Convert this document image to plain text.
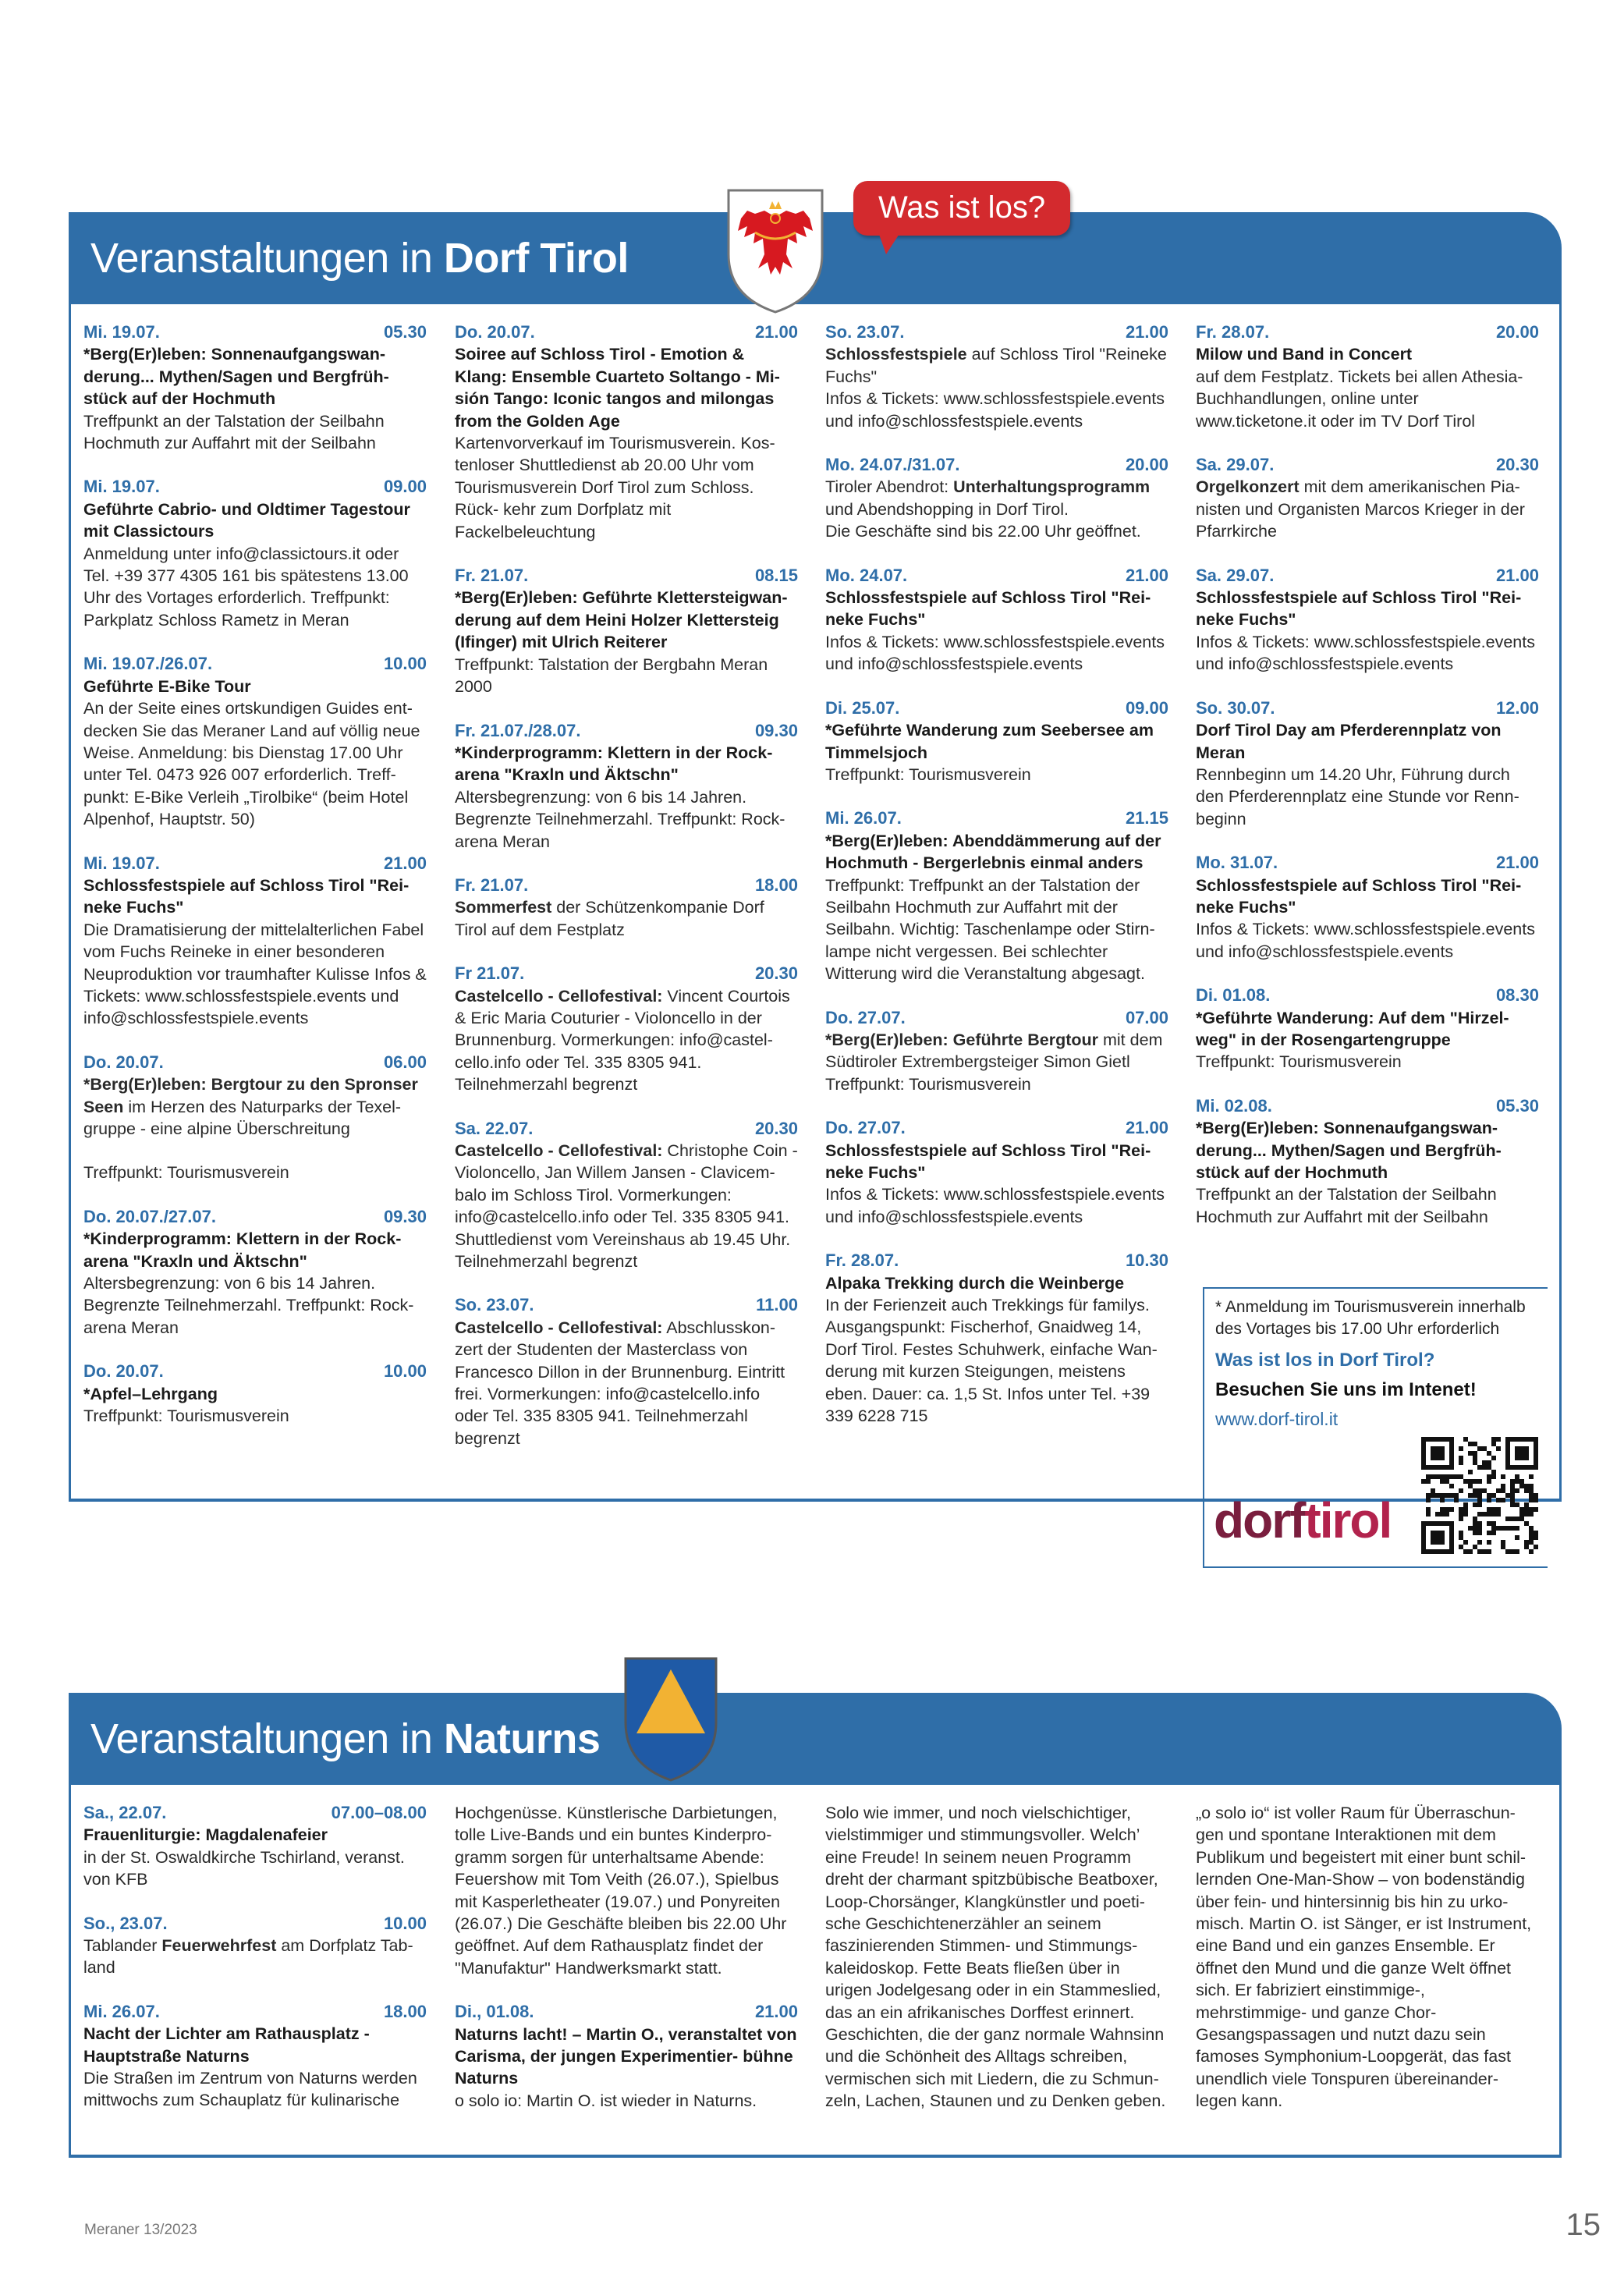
Veranstaltungen in Dorf Tirol
Was ist los?
Mi. 19.07.	05.30
*Berg(Er)leben: Sonnenaufgangswan- derung... Mythen/Sagen und Bergfrüh- stück auf der Hochmuth
Treffpunkt an der Talstation der Seilbahn Hochmuth zur Auffahrt mit der Seilbahn
Mi. 19.07.	09.00
Geführte Cabrio- und Oldtimer Tagestour mit Classictours
Anmeldung unter info@classictours.it oder Tel. +39 377 4305 161 bis spätestens 13.00 Uhr des Vortages erforderlich. Treffpunkt: Parkplatz Schloss Rametz in Meran
Mi. 19.07./26.07.	10.00
Geführte E-Bike Tour
An der Seite eines ortskundigen Guides ent- decken Sie das Meraner Land auf völlig neue Weise. Anmeldung: bis Dienstag 17.00 Uhr unter Tel. 0473 926 007 erforderlich. Treff- punkt: E-Bike Verleih „Tirolbike“ (beim Hotel Alpenhof, Hauptstr. 50)
Mi. 19.07.	21.00
Schlossfestspiele auf Schloss Tirol "Rei- neke Fuchs"
Die Dramatisierung der mittelalterlichen Fabel vom Fuchs Reineke in einer besonderen Neuproduktion vor traumhafter Kulisse Infos & Tickets: www.schlossfestspiele.events und info@schlossfestspiele.events
Do. 20.07.	06.00
*Berg(Er)leben: Bergtour zu den Spronser Seen im Herzen des Naturparks der Texel- gruppe - eine alpine Überschreitung
Treffpunkt: Tourismusverein
Do. 20.07./27.07.	09.30
*Kinderprogramm: Klettern in der Rock- arena "Kraxln und Äktschn"
Altersbegrenzung: von 6 bis 14 Jahren. Begrenzte Teilnehmerzahl. Treffpunkt: Rock- arena Meran
Do. 20.07.	10.00
*Apfel–Lehrgang
Treffpunkt: Tourismusverein
Do. 20.07.	21.00
Soiree auf Schloss Tirol - Emotion & Klang: Ensemble Cuarteto Soltango - Mi- sión Tango: Iconic tangos and milongas from the Golden Age
Kartenvorverkauf im Tourismusverein. Kos- tenloser Shuttledienst ab 20.00 Uhr vom Tourismusverein Dorf Tirol zum Schloss. Rück- kehr zum Dorfplatz mit Fackelbeleuchtung
Fr. 21.07.	08.15
*Berg(Er)leben: Geführte Klettersteigwan- derung auf dem Heini Holzer Klettersteig (Ifinger) mit Ulrich Reiterer
Treffpunkt: Talstation der Bergbahn Meran 2000
Fr. 21.07./28.07.	09.30
*Kinderprogramm: Klettern in der Rock- arena "Kraxln und Äktschn"
Altersbegrenzung: von 6 bis 14 Jahren. Begrenzte Teilnehmerzahl. Treffpunkt: Rock- arena Meran
Fr. 21.07.	18.00
Sommerfest der Schützenkompanie Dorf Tirol auf dem Festplatz
Fr 21.07.	20.30
Castelcello - Cellofestival: Vincent Courtois & Eric Maria Couturier - Violoncello in der Brunnenburg. Vormerkungen: info@castel- cello.info oder Tel. 335 8305 941. Teilnehmerzahl begrenzt
Sa. 22.07.	20.30
Castelcello - Cellofestival: Christophe Coin - Violoncello, Jan Willem Jansen - Clavicem- balo im Schloss Tirol. Vormerkungen: info@castelcello.info oder Tel. 335 8305 941. Shuttledienst vom Vereinshaus ab 19.45 Uhr. Teilnehmerzahl begrenzt
So. 23.07.	11.00
Castelcello - Cellofestival: Abschlusskon- zert der Studenten der Masterclass von Francesco Dillon in der Brunnenburg. Eintritt frei. Vormerkungen: info@castelcello.info oder Tel. 335 8305 941. Teilnehmerzahl begrenzt
So. 23.07.	21.00
Schlossfestspiele auf Schloss Tirol "Reineke Fuchs"
Infos & Tickets: www.schlossfestspiele.events und info@schlossfestspiele.events
Mo. 24.07./31.07.	20.00
Tiroler Abendrot: Unterhaltungsprogramm und Abendshopping in Dorf Tirol.
Die Geschäfte sind bis 22.00 Uhr geöffnet.
Mo. 24.07.	21.00
Schlossfestspiele auf Schloss Tirol "Rei- neke Fuchs"
Infos & Tickets: www.schlossfestspiele.events und info@schlossfestspiele.events
Di. 25.07.	09.00
*Geführte Wanderung zum Seebersee am Timmelsjoch
Treffpunkt: Tourismusverein
Mi. 26.07.	21.15
*Berg(Er)leben: Abenddämmerung auf der Hochmuth - Bergerlebnis einmal anders
Treffpunkt: Treffpunkt an der Talstation der Seilbahn Hochmuth zur Auffahrt mit der Seilbahn. Wichtig: Taschenlampe oder Stirn- lampe nicht vergessen. Bei schlechter Witterung wird die Veranstaltung abgesagt.
Do. 27.07.	07.00
*Berg(Er)leben: Geführte Bergtour mit dem Südtiroler Extrembergsteiger Simon Gietl
Treffpunkt: Tourismusverein
Do. 27.07.	21.00
Schlossfestspiele auf Schloss Tirol "Rei- neke Fuchs"
Infos & Tickets: www.schlossfestspiele.events und info@schlossfestspiele.events
Fr. 28.07.	10.30
Alpaka Trekking durch die Weinberge
In der Ferienzeit auch Trekkings für familys. Ausgangspunkt: Fischerhof, Gnaidweg 14, Dorf Tirol. Festes Schuhwerk, einfache Wan- derung mit kurzen Steigungen, meistens eben. Dauer: ca. 1,5 St. Infos unter Tel. +39 339 6228 715
Fr. 28.07.	20.00
Milow und Band in Concert
auf dem Festplatz. Tickets bei allen Athesia- Buchhandlungen, online unter www.ticketone.it oder im TV Dorf Tirol
Sa. 29.07.	20.30
Orgelkonzert mit dem amerikanischen Pia- nisten und Organisten Marcos Krieger in der Pfarrkirche
Sa. 29.07.	21.00
Schlossfestspiele auf Schloss Tirol "Rei- neke Fuchs"
Infos & Tickets: www.schlossfestspiele.events und info@schlossfestspiele.events
So. 30.07.	12.00
Dorf Tirol Day am Pferderennplatz von Meran
Rennbeginn um 14.20 Uhr, Führung durch den Pferderennplatz eine Stunde vor Renn- beginn
Mo. 31.07.	21.00
Schlossfestspiele auf Schloss Tirol "Rei- neke Fuchs"
Infos & Tickets: www.schlossfestspiele.events und info@schlossfestspiele.events
Di. 01.08.	08.30
*Geführte Wanderung: Auf dem "Hirzel- weg" in der Rosengartengruppe
Treffpunkt: Tourismusverein
Mi. 02.08.	05.30
*Berg(Er)leben: Sonnenaufgangswan- derung... Mythen/Sagen und Bergfrüh- stück auf der Hochmuth
Treffpunkt an der Talstation der Seilbahn Hochmuth zur Auffahrt mit der Seilbahn
* Anmeldung im Tourismusverein innerhalb des Vortages bis 17.00 Uhr erforderlich
Was ist los in Dorf Tirol?
Besuchen Sie uns im Intenet!
www.dorf-tirol.it
dorftirol
Veranstaltungen in Naturns
Sa., 22.07.	07.00–08.00
Frauenliturgie: Magdalenafeier
in der St. Oswaldkirche Tschirland, veranst. von KFB
So., 23.07.	10.00
Tablander Feuerwehrfest am Dorfplatz Tab- land
Mi. 26.07.	18.00
Nacht der Lichter am Rathausplatz - Hauptstraße Naturns
Die Straßen im Zentrum von Naturns werden mittwochs zum Schauplatz für kulinarische
Hochgenüsse. Künstlerische Darbietungen, tolle Live-Bands und ein buntes Kinderpro- gramm sorgen für unterhaltsame Abende: Feuershow mit Tom Veith (26.07.), Spielbus mit Kasperletheater (19.07.) und Ponyreiten (26.07.) Die Geschäfte bleiben bis 22.00 Uhr geöffnet. Auf dem Rathausplatz findet der "Manufaktur" Handwerksmarkt statt.
Di., 01.08.	21.00
Naturns lacht! – Martin O., veranstaltet von Carisma, der jungen Experimentier- bühne Naturns
o solo io: Martin O. ist wieder in Naturns.
Solo wie immer, und noch vielschichtiger, vielstimmiger und stimmungsvoller. Welch’ eine Freude! In seinem neuen Programm dreht der charmant spitzbübische Beatboxer, Loop-Chorsänger, Klangkünstler und poeti- sche Geschichtenerzähler an seinem faszinierenden Stimmen- und Stimmungs- kaleidoskop. Fette Beats fließen über in urigen Jodelgesang oder in ein Stammeslied, das an ein afrikanisches Dorffest erinnert. Geschichten, die der ganz normale Wahnsinn und die Schönheit des Alltags schreiben, vermischen sich mit Liedern, die zu Schmun- zeln, Lachen, Staunen und zu Denken geben.
„o solo io“ ist voller Raum für Überraschun- gen und spontane Interaktionen mit dem Publikum und begeistert mit einer bunt schil- lernden One-Man-Show – von bodenständig über fein- und hintersinnig bis hin zu urko- misch. Martin O. ist Sänger, er ist Instrument, eine Band und ein ganzes Ensemble. Er öffnet den Mund und die ganze Welt öffnet sich. Er fabriziert einstimmige-, mehrstimmige- und ganze Chor-Gesangspassagen und nutzt dazu sein famoses Symphonium-Loopgerät, das fast unendlich viele Tonspuren übereinander- legen kann.
Meraner 13/2023	15
